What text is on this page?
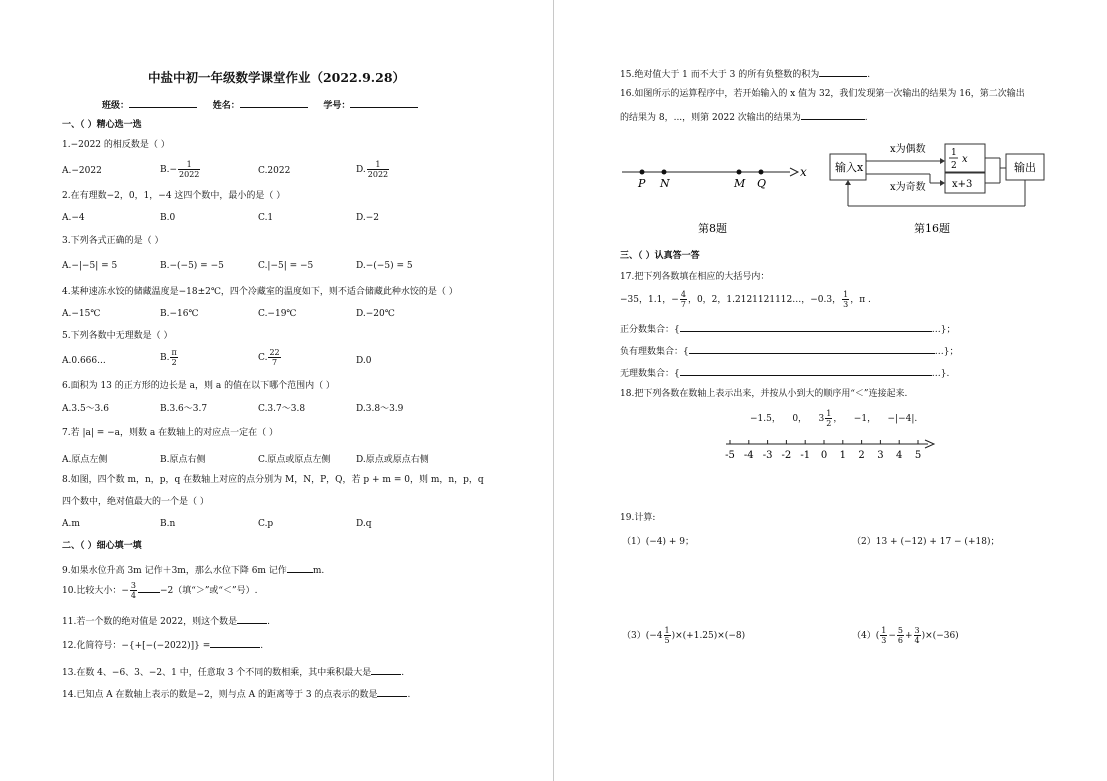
中盐中初一年级数学课堂作业（2022.9.28）
班级：	姓名：	学号：
一、（ ）精心选一选
1.−2022 的相反数是（ ）
A.−2022	$B.- \frac{1}{2022}$	C.2022	D. $\frac{1}{2022}$
2.在有理数−2，0，1，−4 这四个数中，最小的是（ ）
A.−4	B.0	C.1	D.−2
3.下列各式正确的是（ ）
A.−|−5| = 5	B.−(−5) = −5	C.|−5| = −5	D.−(−5) = 5
4.某种速冻水饺的储藏温度是−18±2℃，四个冷藏室的温度如下，则不适合储藏此种水饺的是（ ）
A.−15℃	B.−16℃	C.−19℃	D.−20℃
5.下列各数中无理数是（ ）
A.0.666...	B. $\frac{\pi}{2}$	C. $\frac{22}{7}$	D.0
6.面积为 13 的正方形的边长是 a，则 a 的值在以下哪个范围内（ ）
A.3.5～3.6	B.3.6～3.7	C.3.7～3.8	D.3.8～3.9
7.若 |a| = −a，则数 a 在数轴上的对应点一定在（ ）
A.原点左侧	B.原点右侧	C.原点或原点左侧	D.原点或原点右侧
8.如图，四个数 m，n，p，q 在数轴上对应的点分别为 M，N，P，Q，若 p + m = 0，则 m，n，p，q
四个数中，绝对值最大的一个是（ ）
A.m	B.n	C.p	D.q
二、（ ）细心填一填
9.如果水位升高 3m 记作＋3m，那么水位下降 6m 记作	m.
10.比较大小：− $\frac{3}{4}$	−2（填“＞”或“＜”号）.
11.若一个数的绝对值是 2022，则这个数是	.
12.化简符号：−{+[−(−2022)]} =	.
13.在数 4、−6、3、−2、1 中，任意取 3 个不同的数相乘，其中乘积最大是	.
14.已知点 A 在数轴上表示的数是−2，则与点 A 的距离等于 3 的点表示的数是	.
15.绝对值大于 1 而不大于 3 的所有负整数的积为	.
16.如图所示的运算程序中，若开始输入的 x 值为 32，我们发现第一次输出的结果为 16，第二次输出
的结果为 8，...，则第 2022 次输出的结果为	.
P N	M Q
x
第8题
输入x
x为偶数
x为奇数
1
2
x
x+3
输出
第16题
三、（ ）认真答一答
17.把下列各数填在相应的大括号内：
−35，1.1，− $\frac{4}{7}$ ，0，2，1.2121121112…，−0.3， $\frac{1}{3}$ ，π .
正分数集合：{	…}；
负有理数集合：{	…}；
无理数集合：{	…}.
18.把下列各数在数轴上表示出来，并按从小到大的顺序用“＜”连接起来.
−1.5， 0， $3 \frac{1}{2}$ ， −1， −|−4|.
-5 -4 -3 -2 -1 0 1 2 3 4 5
19.计算:
（1）(−4) + 9；	（2）13 + (−12) + 17 − (+18)；
$(3)(-4 \frac{1}{5} )\times(+1.25)\times(-8)$	$(4)( \frac{1}{3} - \frac{5}{6} + \frac{3}{4} )\times(-36)$
